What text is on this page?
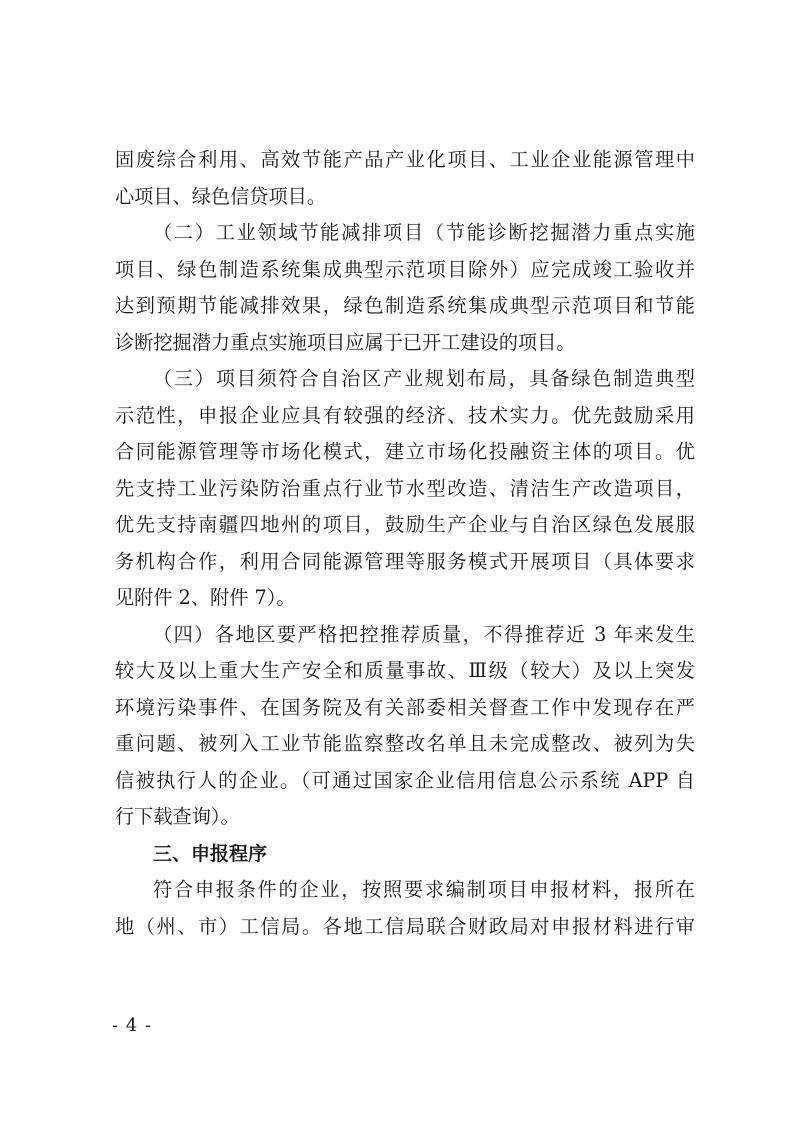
固废综合利用、高效节能产品产业化项目、工业企业能源管理中
心项目、绿色信贷项目。
（二）工业领域节能减排项目（节能诊断挖掘潜力重点实施
项目、绿色制造系统集成典型示范项目除外）应完成竣工验收并
达到预期节能减排效果，绿色制造系统集成典型示范项目和节能
诊断挖掘潜力重点实施项目应属于已开工建设的项目。
（三）项目须符合自治区产业规划布局，具备绿色制造典型
示范性，申报企业应具有较强的经济、技术实力。优先鼓励采用
合同能源管理等市场化模式，建立市场化投融资主体的项目。优
先支持工业污染防治重点行业节水型改造、清洁生产改造项目，
优先支持南疆四地州的项目，鼓励生产企业与自治区绿色发展服
务机构合作，利用合同能源管理等服务模式开展项目（具体要求
见附件 2、附件 7）。
（四）各地区要严格把控推荐质量，不得推荐近 3 年来发生
较大及以上重大生产安全和质量事故、Ⅲ级（较大）及以上突发
环境污染事件、在国务院及有关部委相关督查工作中发现存在严
重问题、被列入工业节能监察整改名单且未完成整改、被列为失
信被执行人的企业。（可通过国家企业信用信息公示系统 APP 自
行下载查询）。
三、申报程序
符合申报条件的企业，按照要求编制项目申报材料，报所在
地（州、市）工信局。各地工信局联合财政局对申报材料进行审
- 4 -
